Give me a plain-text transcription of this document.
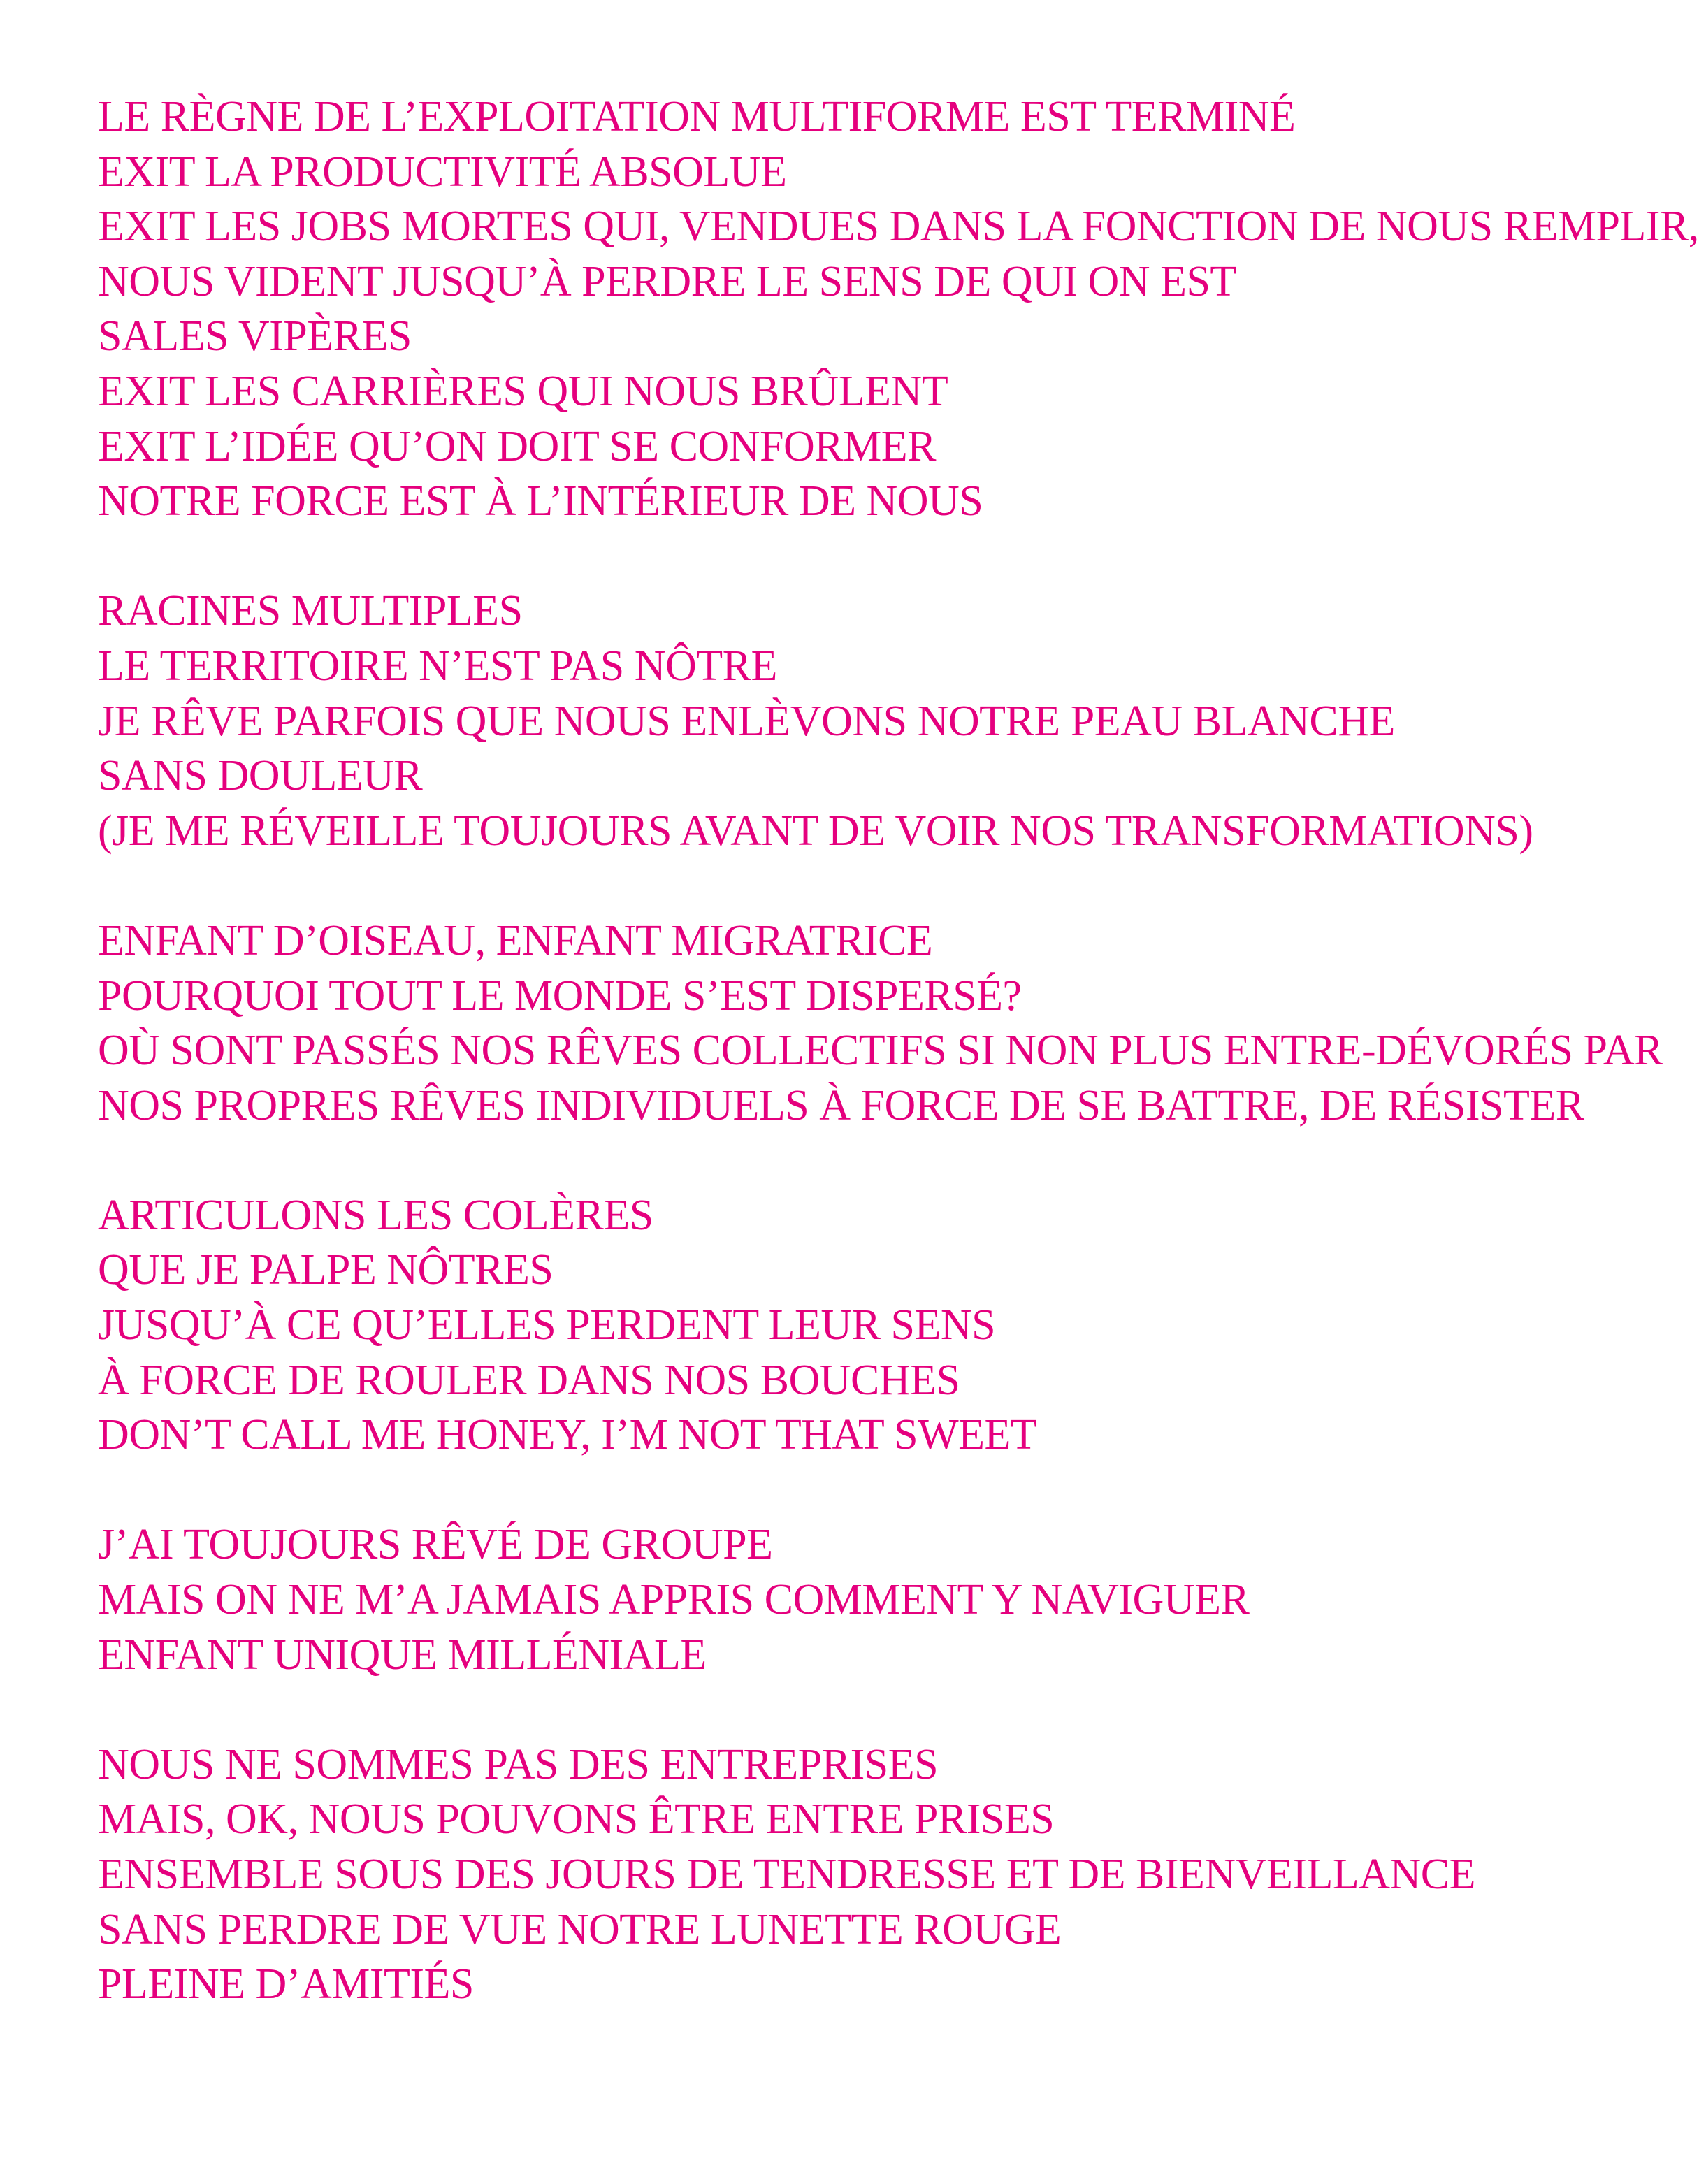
LE RÈGNE DE L’EXPLOITATION MULTIFORME EST TERMINÉ
EXIT LA PRODUCTIVITÉ ABSOLUE
EXIT LES JOBS MORTES QUI, VENDUES DANS LA FONCTION DE NOUS REMPLIR,
NOUS VIDENT JUSQU’À PERDRE LE SENS DE QUI ON EST
SALES VIPÈRES
EXIT LES CARRIÈRES QUI NOUS BRÛLENT
EXIT L’IDÉE QU’ON DOIT SE CONFORMER
NOTRE FORCE EST À L’INTÉRIEUR DE NOUS
RACINES MULTIPLES
LE TERRITOIRE N’EST PAS NÔTRE
JE RÊVE PARFOIS QUE NOUS ENLÈVONS NOTRE PEAU BLANCHE
SANS DOULEUR
(JE ME RÉVEILLE TOUJOURS AVANT DE VOIR NOS TRANSFORMATIONS)
ENFANT D’OISEAU, ENFANT MIGRATRICE
POURQUOI TOUT LE MONDE S’EST DISPERSÉ?
OÙ SONT PASSÉS NOS RÊVES COLLECTIFS SI NON PLUS ENTRE-DÉVORÉS PAR
NOS PROPRES RÊVES INDIVIDUELS À FORCE DE SE BATTRE, DE RÉSISTER
ARTICULONS LES COLÈRES
QUE JE PALPE NÔTRES
JUSQU’À CE QU’ELLES PERDENT LEUR SENS
À FORCE DE ROULER DANS NOS BOUCHES
DON’T CALL ME HONEY, I’M NOT THAT SWEET
J’AI TOUJOURS RÊVÉ DE GROUPE
MAIS ON NE M’A JAMAIS APPRIS COMMENT Y NAVIGUER
ENFANT UNIQUE MILLÉNIALE
NOUS NE SOMMES PAS DES ENTREPRISES
MAIS, OK, NOUS POUVONS ÊTRE ENTRE PRISES
ENSEMBLE SOUS DES JOURS DE TENDRESSE ET DE BIENVEILLANCE
SANS PERDRE DE VUE NOTRE LUNETTE ROUGE
PLEINE D’AMITIÉS
